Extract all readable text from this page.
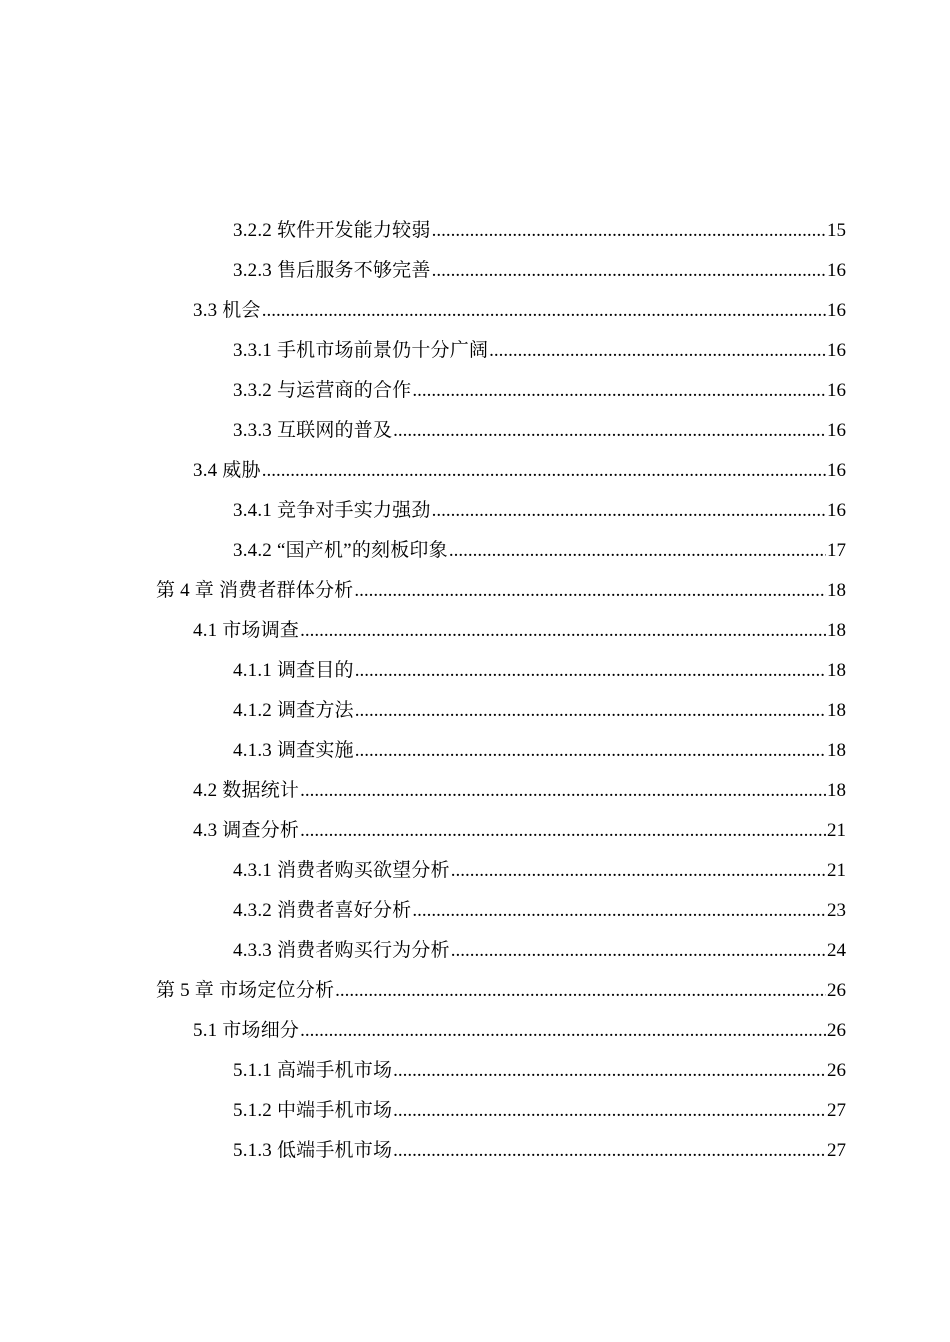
3.2.2 软件开发能力较弱 .....	15
3.2.3 售后服务不够完善 .....	16
3.3 机会 .....	16
3.3.1 手机市场前景仍十分广阔 .....	16
3.3.2 与运营商的合作 .....	16
3.3.3 互联网的普及 .....	16
3.4 威胁 .....	16
3.4.1 竞争对手实力强劲 .....	16
3.4.2 “国产机”的刻板印象 .....	17
第 4 章 消费者群体分析 .....	18
4.1 市场调查 .....	18
4.1.1 调查目的 .....	18
4.1.2 调查方法 .....	18
4.1.3 调查实施 .....	18
4.2 数据统计 .....	18
4.3 调查分析 .....	21
4.3.1 消费者购买欲望分析 .....	21
4.3.2 消费者喜好分析 .....	23
4.3.3 消费者购买行为分析 .....	24
第 5 章 市场定位分析 .....	26
5.1 市场细分 .....	26
5.1.1 高端手机市场 .....	26
5.1.2 中端手机市场 .....	27
5.1.3 低端手机市场 .....	27
